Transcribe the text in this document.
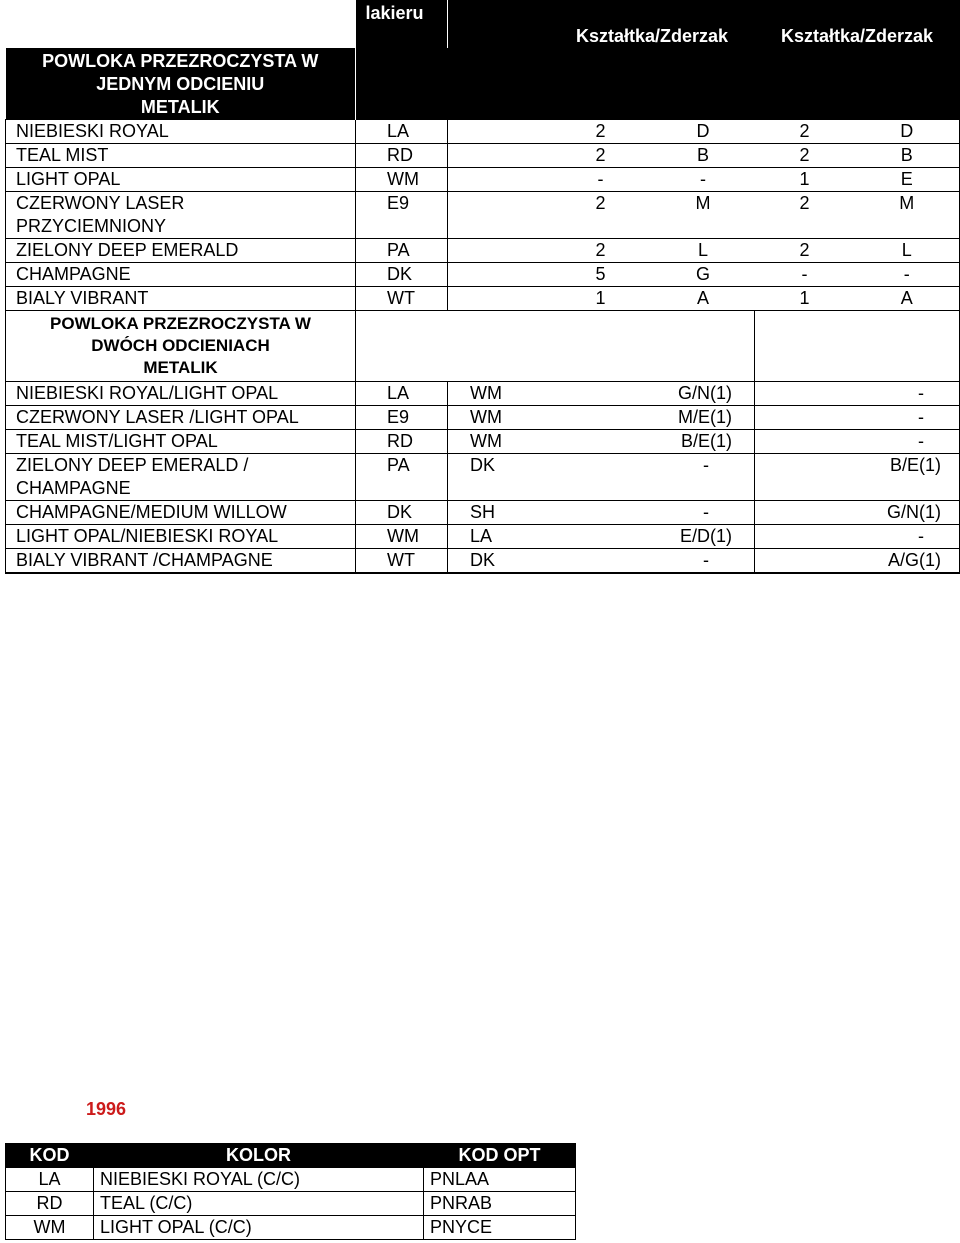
	lakieru		Kształtka/Zderzak		Kształtka/Zderzak	

POWLOKA PRZEZROCZYSTA W
JEDNYM ODCIENIU
METALIK						

NIEBIESKI ROYAL	LA		2	D	2	D
TEAL MIST	RD		2	B	2	B
LIGHT OPAL	WM		-	-	1	E
CZERWONY LASER PRZYCIEMNIONY	E9		2	M	2	M
ZIELONY DEEP EMERALD	PA		2	L	2	L
CHAMPAGNE	DK		5	G	-	-
BIALY VIBRANT	WT		1	A	1	A

POWLOKA PRZEZROCZYSTA W
DWÓCH ODCIENIACH
METALIK						

NIEBIESKI ROYAL/LIGHT OPAL	LA	WM	G/N(1)		-	
CZERWONY LASER /LIGHT OPAL	E9	WM	M/E(1)		-	
TEAL MIST/LIGHT OPAL	RD	WM	B/E(1)		-	
ZIELONY DEEP EMERALD / CHAMPAGNE	PA	DK	-		B/E(1)	
CHAMPAGNE/MEDIUM WILLOW	DK	SH	-		G/N(1)	
LIGHT OPAL/NIEBIESKI ROYAL	WM	LA	E/D(1)		-	
BIALY VIBRANT /CHAMPAGNE	WT	DK	-		A/G(1)	
1996
KOD	KOLOR	KOD OPT
LA	NIEBIESKI ROYAL (C/C)	PNLAA
RD	TEAL (C/C)	PNRAB
WM	LIGHT OPAL (C/C)	PNYCE
